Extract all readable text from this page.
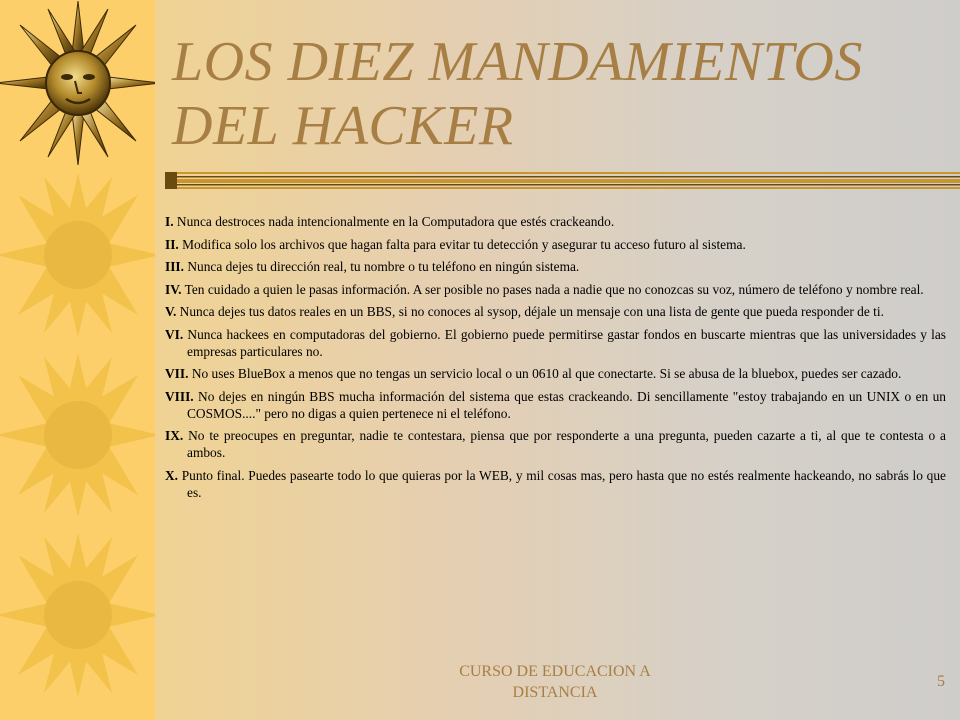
LOS DIEZ MANDAMIENTOS
DEL HACKER
I. Nunca destroces nada intencionalmente en la Computadora que estés crackeando.
II. Modifica solo los archivos que hagan falta para evitar tu detección y asegurar tu acceso futuro al sistema.
III. Nunca dejes tu dirección real, tu nombre o tu teléfono en ningún sistema.
IV. Ten cuidado a quien le pasas información. A ser posible no pases nada a nadie que no conozcas su voz, número de teléfono y nombre real.
V. Nunca dejes tus datos reales en un BBS, si no conoces al sysop, déjale un mensaje con una lista de gente que pueda responder de ti.
VI. Nunca hackees en computadoras del gobierno. El gobierno puede permitirse gastar fondos en buscarte mientras que las universidades y las empresas particulares no.
VII. No uses BlueBox a menos que no tengas un servicio local o un 0610 al que conectarte. Si se abusa de la bluebox, puedes ser cazado.
VIII. No dejes en ningún BBS mucha información del sistema que estas crackeando. Di sencillamente "estoy trabajando en un UNIX o en un COSMOS...." pero no digas a quien pertenece ni el teléfono.
IX. No te preocupes en preguntar, nadie te contestara, piensa que por responderte a una pregunta, pueden cazarte a ti, al que te contesta o a ambos.
X. Punto final. Puedes pasearte todo lo que quieras por la WEB, y mil cosas mas, pero hasta que no estés realmente hackeando, no sabrás lo que es.
CURSO DE EDUCACION A
DISTANCIA
5
